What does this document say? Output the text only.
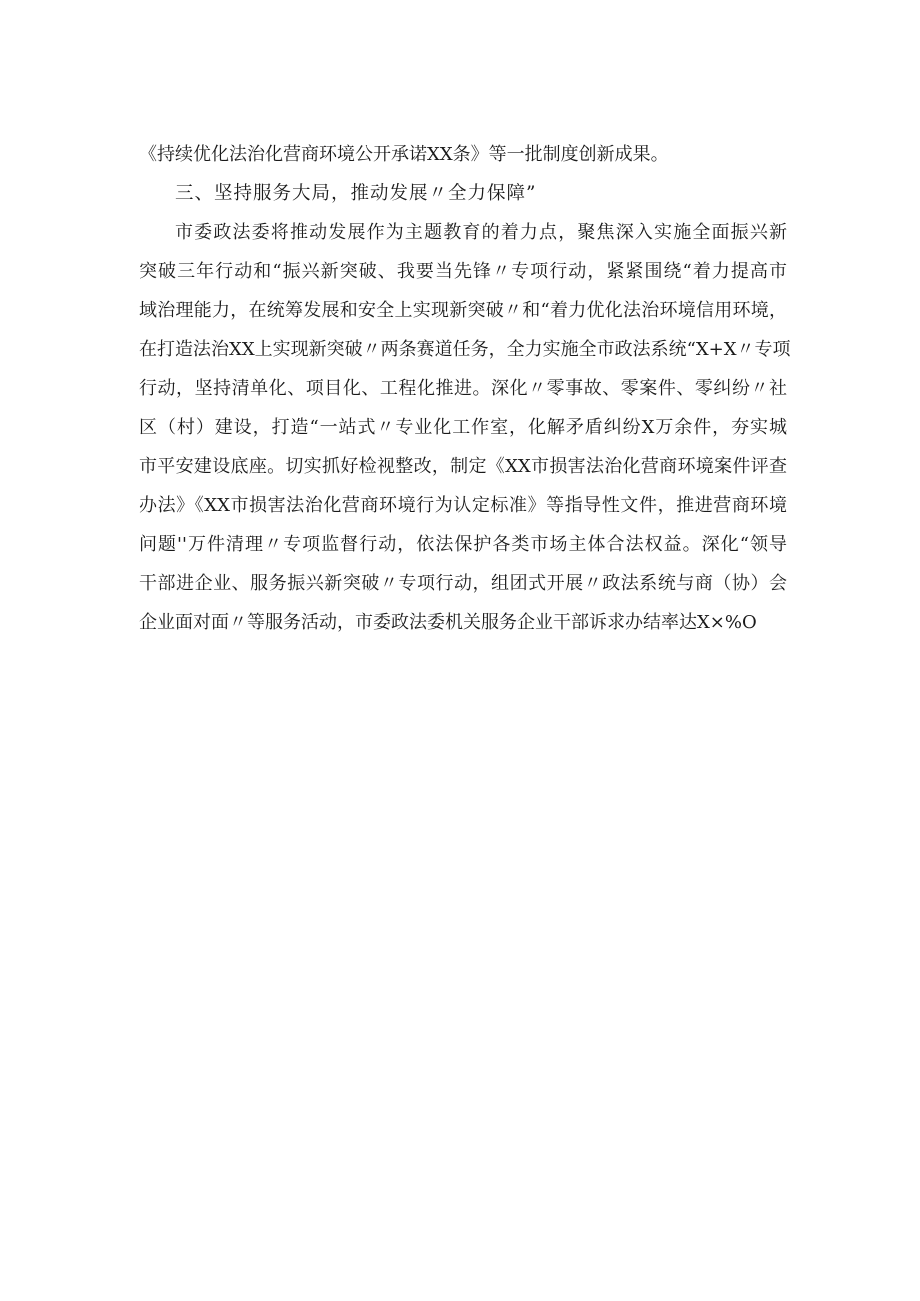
《持续优化法治化营商环境公开承诺XX条》等一批制度创新成果。
三、坚持服务大局，推动发展〃全力保障”
市委政法委将推动发展作为主题教育的着力点，聚焦深入实施全面振兴新
突破三年行动和“振兴新突破、我要当先锋〃专项行动，紧紧围绕“着力提高市
域治理能力，在统筹发展和安全上实现新突破〃和“着力优化法治环境信用环境，
在打造法治XX上实现新突破〃两条赛道任务，全力实施全市政法系统“X+X〃专项
行动，坚持清单化、项目化、工程化推进。深化〃零事故、零案件、零纠纷〃社
区（村）建设，打造“一站式〃专业化工作室，化解矛盾纠纷X万余件，夯实城
市平安建设底座。切实抓好检视整改，制定《XX市损害法治化营商环境案件评查
办法》《XX市损害法治化营商环境行为认定标准》等指导性文件，推进营商环境
问题''万件清理〃专项监督行动，依法保护各类市场主体合法权益。深化“领导
干部进企业、服务振兴新突破〃专项行动，组团式开展〃政法系统与商（协）会
企业面对面〃等服务活动，市委政法委机关服务企业干部诉求办结率达X×%O
